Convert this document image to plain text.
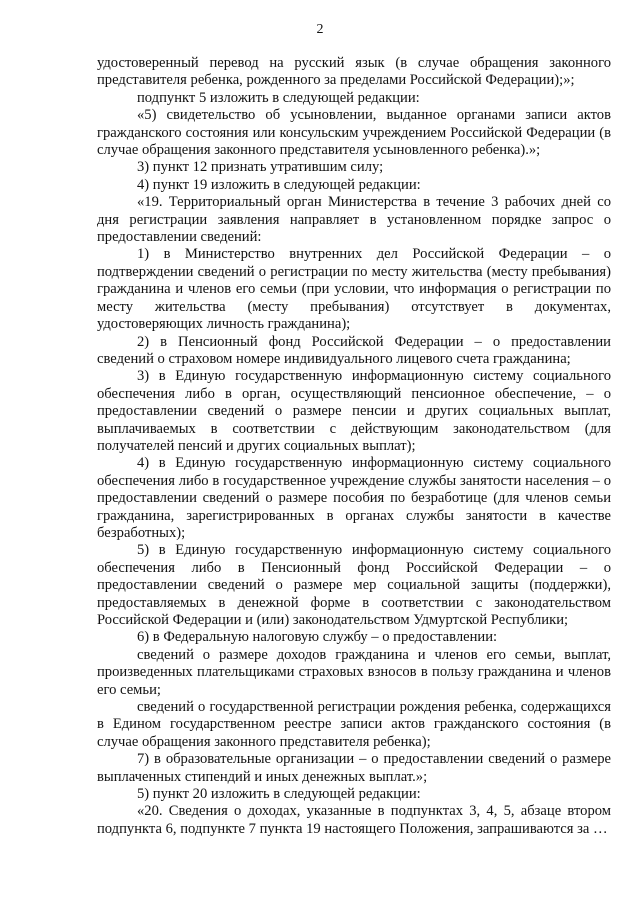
2

удостоверенный перевод на русский язык (в случае обращения законного представителя ребенка, рожденного за пределами Российской Федерации);»;

подпункт 5 изложить в следующей редакции:

«5) свидетельство об усыновлении, выданное органами записи актов гражданского состояния или консульским учреждением Российской Федерации (в случае обращения законного представителя усыновленного ребенка).»;

3) пункт 12 признать утратившим силу;

4) пункт 19 изложить в следующей редакции:

«19. Территориальный орган Министерства в течение 3 рабочих дней со дня регистрации заявления направляет в установленном порядке запрос о предоставлении сведений:

1) в Министерство внутренних дел Российской Федерации – о подтверждении сведений о регистрации по месту жительства (месту пребывания) гражданина и членов его семьи (при условии, что информация о регистрации по месту жительства (месту пребывания) отсутствует в документах, удостоверяющих личность гражданина);

2) в Пенсионный фонд Российской Федерации – о предоставлении сведений о страховом номере индивидуального лицевого счета гражданина;

3) в Единую государственную информационную систему социального обеспечения либо в орган, осуществляющий пенсионное обеспечение, – о предоставлении сведений о размере пенсии и других социальных выплат, выплачиваемых в соответствии с действующим законодательством (для получателей пенсий и других социальных выплат);

4) в Единую государственную информационную систему социального обеспечения либо в государственное учреждение службы занятости населения – о предоставлении сведений о размере пособия по безработице (для членов семьи гражданина, зарегистрированных в органах службы занятости в качестве безработных);

5) в Единую государственную информационную систему социального обеспечения либо в Пенсионный фонд Российской Федерации – о предоставлении сведений о размере мер социальной защиты (поддержки), предоставляемых в денежной форме в соответствии с законодательством Российской Федерации и (или) законодательством Удмуртской Республики;

6) в Федеральную налоговую службу – о предоставлении:

сведений о размере доходов гражданина и членов его семьи, выплат, произведенных плательщиками страховых взносов в пользу гражданина и членов его семьи;

сведений о государственной регистрации рождения ребенка, содержащихся в Едином государственном реестре записи актов гражданского состояния (в случае обращения законного представителя ребенка);

7) в образовательные организации – о предоставлении сведений о размере выплаченных стипендий и иных денежных выплат.»;

5) пункт 20 изложить в следующей редакции:

«20. Сведения о доходах, указанные в подпунктах 3, 4, 5, абзаце втором подпункта 6, подпункте 7 пункта 19 настоящего Положения, запрашиваются за …
